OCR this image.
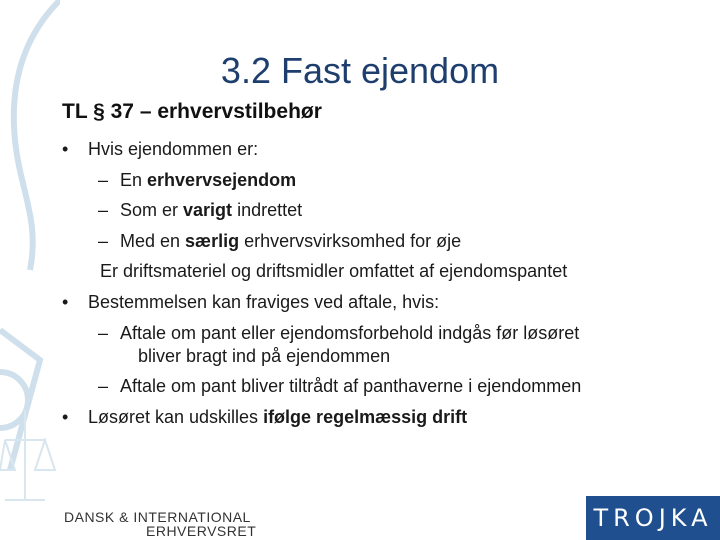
3.2 Fast ejendom
TL § 37 – erhvervstilbehør
• Hvis ejendommen er:
– En erhvervsejendom
– Som er varigt indrettet
– Med en særlig erhvervsvirksomhed for øje
Er driftsmateriel og driftsmidler omfattet af ejendomspantet
• Bestemmelsen kan fraviges ved aftale, hvis:
– Aftale om pant eller ejendomsforbehold indgås før løsøret
bliver bragt ind på ejendommen
– Aftale om pant bliver tiltrådt af panthaverne i ejendommen
• Løsøret kan udskilles ifølge regelmæssig drift
DANSK & INTERNATIONAL
ERHVERVSRET	TROJKA
